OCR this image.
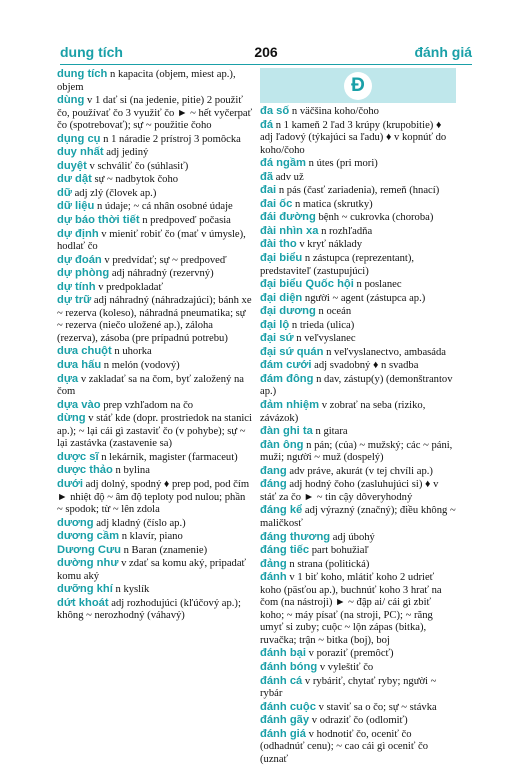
dung tích	206	đánh giá

dung tích n kapacita (objem, miest ap.), objem

dùng v 1 dať si (na jedenie, pitie) 2 použiť čo, používať čo 3 využiť čo ► ~ hết vyčerpať čo (spotrebovať); sự ~ použitie čoho

dụng cụ n 1 náradie 2 prístroj 3 pomôcka

duy nhất adj jediný

duyệt v schváliť čo (súhlasiť)

dư dật sự ~ nadbytok čoho

dữ adj zlý (človek ap.)

dữ liệu n údaje; ~ cá nhân osobné údaje

dự báo thời tiết n predpoveď počasia

dự định v mieniť robiť čo (mať v úmysle), hodlať čo

dự đoán v predvídať; sự ~ predpoveď

dự phòng adj náhradný (rezervný)

dự tính v predpokladať

dự trữ adj náhradný (náhradzajúci); bánh xe ~ rezerva (koleso), náhradná pneumatika; sự ~ rezerva (niečo uložené ap.), záloha (rezerva), zásoba (pre prípadnú potrebu)

dưa chuột n uhorka

dưa hấu n melón (vodový)

dựa v zakladať sa na čom, byť založený na čom

dựa vào prep vzhľadom na čo

dừng v stáť kde (dopr. prostriedok na stanici ap.); ~ lại cái gì zastaviť čo (v pohybe); sự ~ lại zastávka (zastavenie sa)

dược sĩ n lekárnik, magister (farmaceut)

dược thảo n bylina

dưới adj dolný, spodný ♦ prep pod, pod čím ► nhiệt độ ~ âm độ teploty pod nulou; phần ~ spodok; từ ~ lên zdola

dương adj kladný (číslo ap.)

dương cầm n klavír, piano

Dương Cưu n Baran (znamenie)

dường như v zdať sa komu aký, pripadať komu aký

dưỡng khí n kyslík

dứt khoát adj rozhodujúci (kľúčový ap.); không ~ nerozhodný (váhavý)

Đ

đa số n väčšina koho/čoho

đá n 1 kameň 2 ľad 3 krúpy (krupobitie) ♦ adj ľadový (týkajúci sa ľadu) ♦ v kopnúť do koho/čoho

đá ngầm n útes (pri mori)

đã adv už

đai n pás (časť zariadenia), remeň (hnací)

đai ốc n matica (skrutky)

đái đường bệnh ~ cukrovka (choroba)

đài nhìn xa n rozhľadňa

đài tho v kryť náklady

đại biểu n zástupca (reprezentant), predstaviteľ (zastupujúci)

đại biểu Quốc hội n poslanec

đại diện người ~ agent (zástupca ap.)

đại dương n oceán

đại lộ n trieda (ulica)

đại sứ n veľvyslanec

đại sứ quán n veľvyslanectvo, ambasáda

đám cưới adj svadobný ♦ n svadba

đám đông n dav, zástup(y) (demonštrantov ap.)

đảm nhiệm v zobrať na seba (riziko, závázok)

đàn ghi ta n gitara

đàn ông n pán; (của) ~ mužský; các ~ páni, muži; người ~ muž (dospelý)

đang adv práve, akurát (v tej chvíli ap.)

đáng adj hodný čoho (zasluhujúci si) ♦ v stáť za čo ► ~ tin cậy dôveryhodný

đáng kể adj výrazný (značný); điều không ~ maličkosť

đáng thương adj úbohý

đáng tiếc part bohužiaľ

đảng n strana (politická)

đánh v 1 biť koho, mlátiť koho 2 udrieť koho (päsťou ap.), buchnúť koho 3 hrať na čom (na nástroji) ► ~ đập ai/ cái gì zbiť koho; ~ máy písať (na stroji, PC); ~ răng umyť si zuby; cuộc ~ lộn zápas (bitka), ruvačka; trận ~ bitka (boj), boj

đánh bại v poraziť (premôcť)

đánh bóng v vyleštiť čo

đánh cá v rybáriť, chytať ryby; người ~ rybár

đánh cuộc v staviť sa o čo; sự ~ stávka

đánh gãy v odraziť čo (odlomiť)

đánh giá v hodnotiť čo, oceniť čo (odhadnúť cenu); ~ cao cái gì oceniť čo (uznať
